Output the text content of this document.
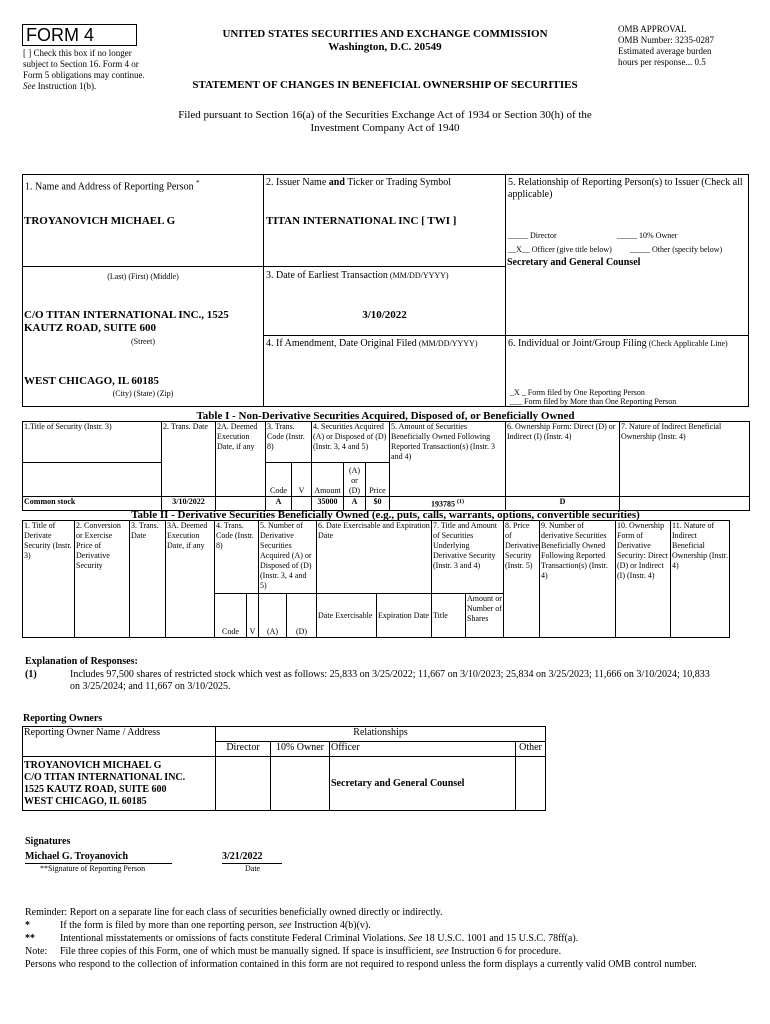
FORM 4
[ ] Check this box if no longer subject to Section 16. Form 4 or Form 5 obligations may continue. See Instruction 1(b).
UNITED STATES SECURITIES AND EXCHANGE COMMISSION
Washington, D.C. 20549
STATEMENT OF CHANGES IN BENEFICIAL OWNERSHIP OF SECURITIES
OMB APPROVAL
OMB Number: 3235-0287
Estimated average burden
hours per response... 0.5
Filed pursuant to Section 16(a) of the Securities Exchange Act of 1934 or Section 30(h) of the
Investment Company Act of 1940
1. Name and Address of Reporting Person *
TROYANOVICH MICHAEL G
(Last) (First) (Middle)
C/O TITAN INTERNATIONAL INC., 1525 KAUTZ ROAD, SUITE 600
(Street)
WEST CHICAGO, IL 60185
(City) (State) (Zip)
2. Issuer Name and Ticker or Trading Symbol
TITAN INTERNATIONAL INC [ TWI ]
3. Date of Earliest Transaction (MM/DD/YYYY)
3/10/2022
4. If Amendment, Date Original Filed (MM/DD/YYYY)
5. Relationship of Reporting Person(s) to Issuer (Check all applicable)
_____ Director	_____ 10% Owner
__X__ Officer (give title below) _____ Other (specify below)
Secretary and General Counsel
6. Individual or Joint/Group Filing (Check Applicable Line)
_X _ Form filed by One Reporting Person
___ Form filed by More than One Reporting Person
Table I - Non-Derivative Securities Acquired, Disposed of, or Beneficially Owned
1.Title of Security (Instr. 3)	2. Trans. Date	2A. Deemed Execution Date, if any	3. Trans. Code (Instr. 8)		4. Securities Acquired (A) or Disposed of (D) (Instr. 3, 4 and 5)			5. Amount of Securities Beneficially Owned Following Reported Transaction(s) (Instr. 3 and 4)	6. Ownership Form: Direct (D) or Indirect (I) (Instr. 4)	7. Nature of Indirect Beneficial Ownership (Instr. 4)
			Code	V	Amount	(A) or (D)	Price			
Common stock	3/10/2022		A		35000	A	$0	193785 $^{(1)}$	D	
Table II - Derivative Securities Beneficially Owned (e.g., puts, calls, warrants, options, convertible securities)
1. Title of Derivate Security (Instr. 3)	2. Conversion or Exercise Price of Derivative Security	3. Trans. Date	3A. Deemed Execution Date, if any	4. Trans. Code (Instr. 8)		5. Number of Derivative Securities Acquired (A) or Disposed of (D) (Instr. 3, 4 and 5)		6. Date Exercisable and Expiration Date		7. Title and Amount of Securities Underlying Derivative Security (Instr. 3 and 4)		8. Price of Derivative Security (Instr. 5)	9. Number of derivative Securities Beneficially Owned Following Reported Transaction(s) (Instr. 4)	10. Ownership Form of Derivative Security: Direct (D) or Indirect (I) (Instr. 4)	11. Nature of Indirect Beneficial Ownership (Instr. 4)
				Code	V	(A)	(D)	Date Exercisable	Expiration Date	Title	Amount or Number of Shares				
Explanation of Responses:
(1)	Includes 97,500 shares of restricted stock which vest as follows: 25,833 on 3/25/2022; 11,667 on 3/10/2023; 25,834 on 3/25/2023; 11,666 on 3/10/2024; 10,833 on 3/25/2024; and 11,667 on 3/10/2025.
Reporting Owners
Reporting Owner Name / Address	Relationships			
	Director	10% Owner	Officer	Other

TROYANOVICH MICHAEL G
C/O TITAN INTERNATIONAL INC.
1525 KAUTZ ROAD, SUITE 600
WEST CHICAGO, IL 60185			Secretary and General Counsel	
Signatures
Michael G. Troyanovich	3/21/2022
**Signature of Reporting Person	Date
Reminder: Report on a separate line for each class of securities beneficially owned directly or indirectly.
*	If the form is filed by more than one reporting person, see Instruction 4(b)(v).
**	Intentional misstatements or omissions of facts constitute Federal Criminal Violations. See 18 U.S.C. 1001 and 15 U.S.C. 78ff(a).
Note: File three copies of this Form, one of which must be manually signed. If space is insufficient, see Instruction 6 for procedure.
Persons who respond to the collection of information contained in this form are not required to respond unless the form displays a currently valid OMB control number.
